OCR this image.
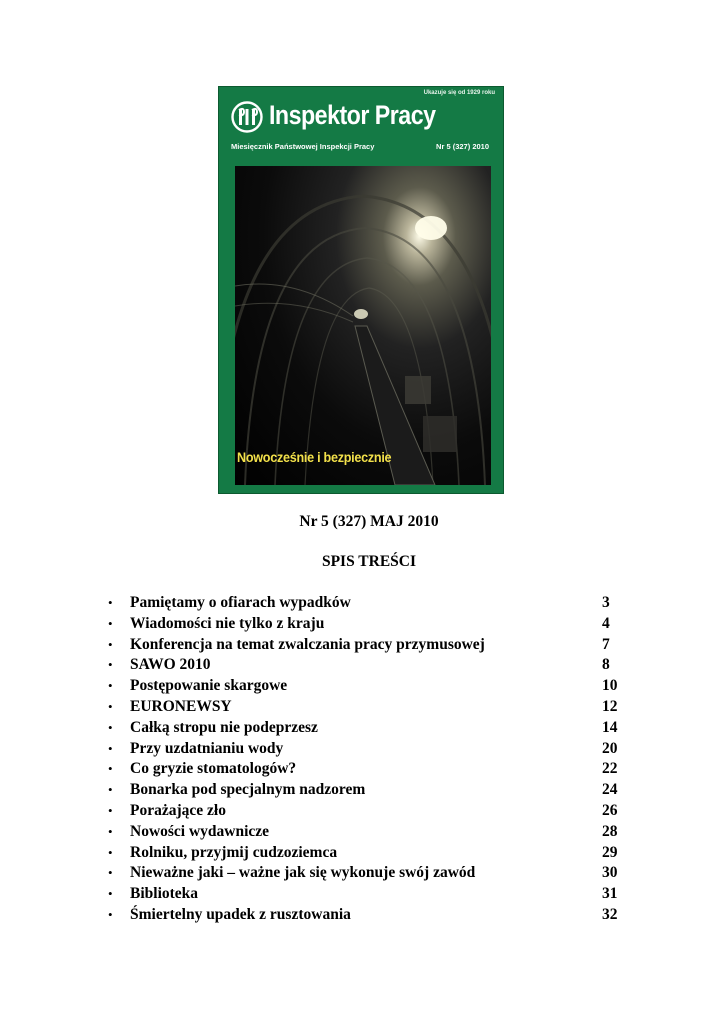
Ukazuje się od 1929 roku
Inspektor Pracy
Miesięcznik Państwowej Inspekcji Pracy	Nr 5 (327) 2010
Nowocześnie i bezpiecznie
Nr 5 (327) MAJ 2010
SPIS TREŚCI
• Pamiętamy o ofiarach wypadków	3
• Wiadomości nie tylko z kraju	4
• Konferencja na temat zwalczania pracy przymusowej	7
• SAWO 2010	8
• Postępowanie skargowe	10
• EURONEWSY	12
• Całką stropu nie podeprzesz	14
• Przy uzdatnianiu wody	20
• Co gryzie stomatologów?	22
• Bonarka pod specjalnym nadzorem	24
• Porażające zło	26
• Nowości wydawnicze	28
• Rolniku, przyjmij cudzoziemca	29
• Nieważne jaki – ważne jak się wykonuje swój zawód	30
• Biblioteka	31
• Śmiertelny upadek z rusztowania	32
